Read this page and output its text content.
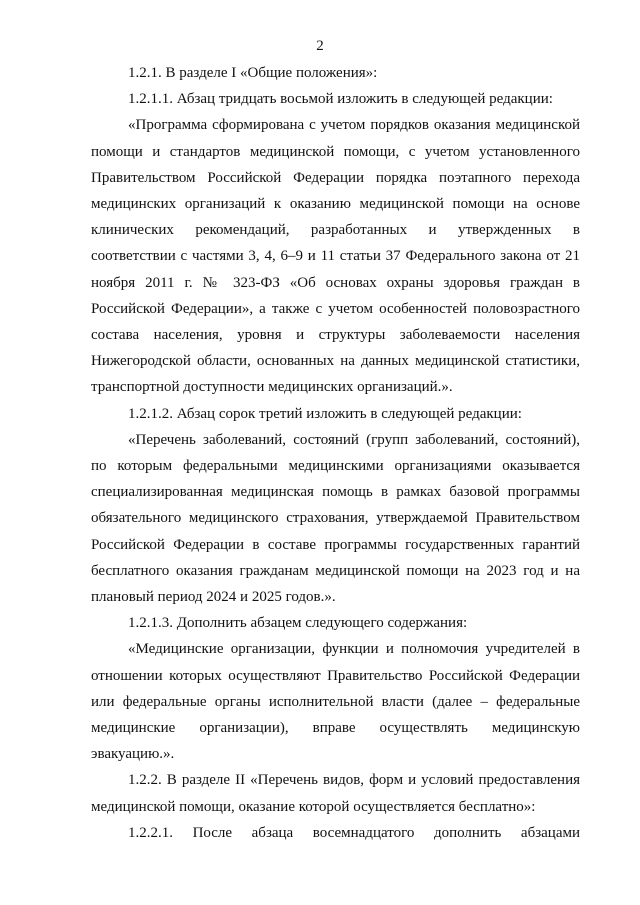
2

1.2.1. В разделе I «Общие положения»:

1.2.1.1. Абзац тридцать восьмой изложить в следующей редакции:

«Программа сформирована с учетом порядков оказания медицинской помощи и стандартов медицинской помощи, с учетом установленного Правительством Российской Федерации порядка поэтапного перехода медицинских организаций к оказанию медицинской помощи на основе клинических рекомендаций, разработанных и утвержденных в соответствии с частями 3, 4, 6–9 и 11 статьи 37 Федерального закона от 21 ноября 2011 г. № 323-ФЗ «Об основах охраны здоровья граждан в Российской Федерации», а также с учетом особенностей половозрастного состава населения, уровня и структуры заболеваемости населения Нижегородской области, основанных на данных медицинской статистики, транспортной доступности медицинских организаций.».

1.2.1.2. Абзац сорок третий изложить в следующей редакции:

«Перечень заболеваний, состояний (групп заболеваний, состояний), по которым федеральными медицинскими организациями оказывается специализированная медицинская помощь в рамках базовой программы обязательного медицинского страхования, утверждаемой Правительством Российской Федерации в составе программы государственных гарантий бесплатного оказания гражданам медицинской помощи на 2023 год и на плановый период 2024 и 2025 годов.».

1.2.1.3. Дополнить абзацем следующего содержания:

«Медицинские организации, функции и полномочия учредителей в отношении которых осуществляют Правительство Российской Федерации или федеральные органы исполнительной власти (далее – федеральные медицинские организации), вправе осуществлять медицинскую эвакуацию.».

1.2.2. В разделе II «Перечень видов, форм и условий предоставления медицинской помощи, оказание которой осуществляется бесплатно»:

1.2.2.1. После абзаца восемнадцатого дополнить абзацами
